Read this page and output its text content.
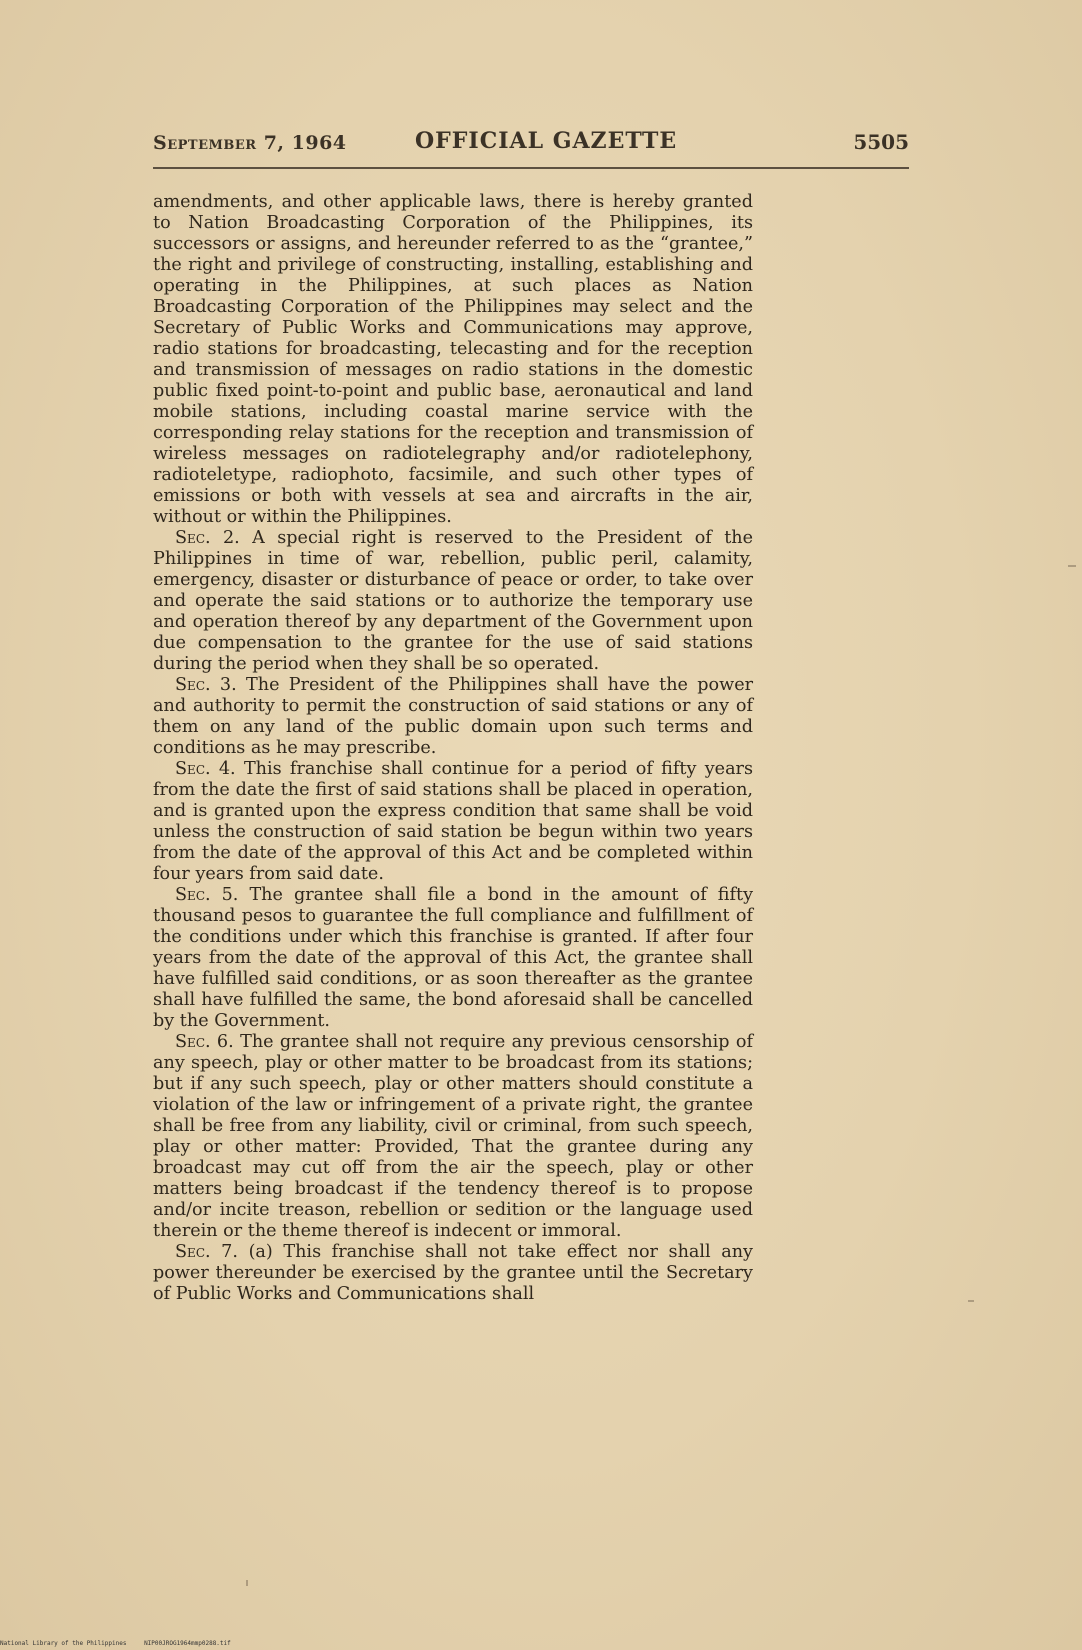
September 7, 1964	OFFICIAL GAZETTE	5505

amendments, and other applicable laws, there is hereby granted to Nation Broadcasting Corporation of the Philippines, its successors or assigns, and hereunder referred to as the “grantee,” the right and privilege of constructing, installing, establishing and operating in the Philippines, at such places as Nation Broadcasting Corporation of the Philippines may select and the Secretary of Public Works and Communications may approve, radio stations for broadcasting, telecasting and for the reception and transmission of messages on radio stations in the domestic public fixed point-to-point and public base, aeronautical and land mobile stations, including coastal marine service with the corresponding relay stations for the reception and transmission of wireless messages on radiotelegraphy and/or radiotelephony, radioteletype, radiophoto, facsimile, and such other types of emissions or both with vessels at sea and aircrafts in the air, without or within the Philippines.

Sec. 2. A special right is reserved to the President of the Philippines in time of war, rebellion, public peril, calamity, emergency, disaster or disturbance of peace or order, to take over and operate the said stations or to authorize the temporary use and operation thereof by any department of the Government upon due compensation to the grantee for the use of said stations during the period when they shall be so operated.

Sec. 3. The President of the Philippines shall have the power and authority to permit the construction of said stations or any of them on any land of the public domain upon such terms and conditions as he may prescribe.

Sec. 4. This franchise shall continue for a period of fifty years from the date the first of said stations shall be placed in operation, and is granted upon the express condition that same shall be void unless the construction of said station be begun within two years from the date of the approval of this Act and be completed within four years from said date.

Sec. 5. The grantee shall file a bond in the amount of fifty thousand pesos to guarantee the full compliance and fulfillment of the conditions under which this franchise is granted. If after four years from the date of the approval of this Act, the grantee shall have fulfilled said conditions, or as soon thereafter as the grantee shall have fulfilled the same, the bond aforesaid shall be cancelled by the Government.

Sec. 6. The grantee shall not require any previous censorship of any speech, play or other matter to be broadcast from its stations; but if any such speech, play or other matters should constitute a violation of the law or infringement of a private right, the grantee shall be free from any liability, civil or criminal, from such speech, play or other matter: Provided, That the grantee during any broadcast may cut off from the air the speech, play or other matters being broadcast if the tendency thereof is to propose and/or incite treason, rebellion or sedition or the language used therein or the theme thereof is indecent or immoral.

Sec. 7. (a) This franchise shall not take effect nor shall any power thereunder be exercised by the grantee until the Secretary of Public Works and Communications shall

National Library of the Philippines	NIP00JROG1964mmp0288.tif
